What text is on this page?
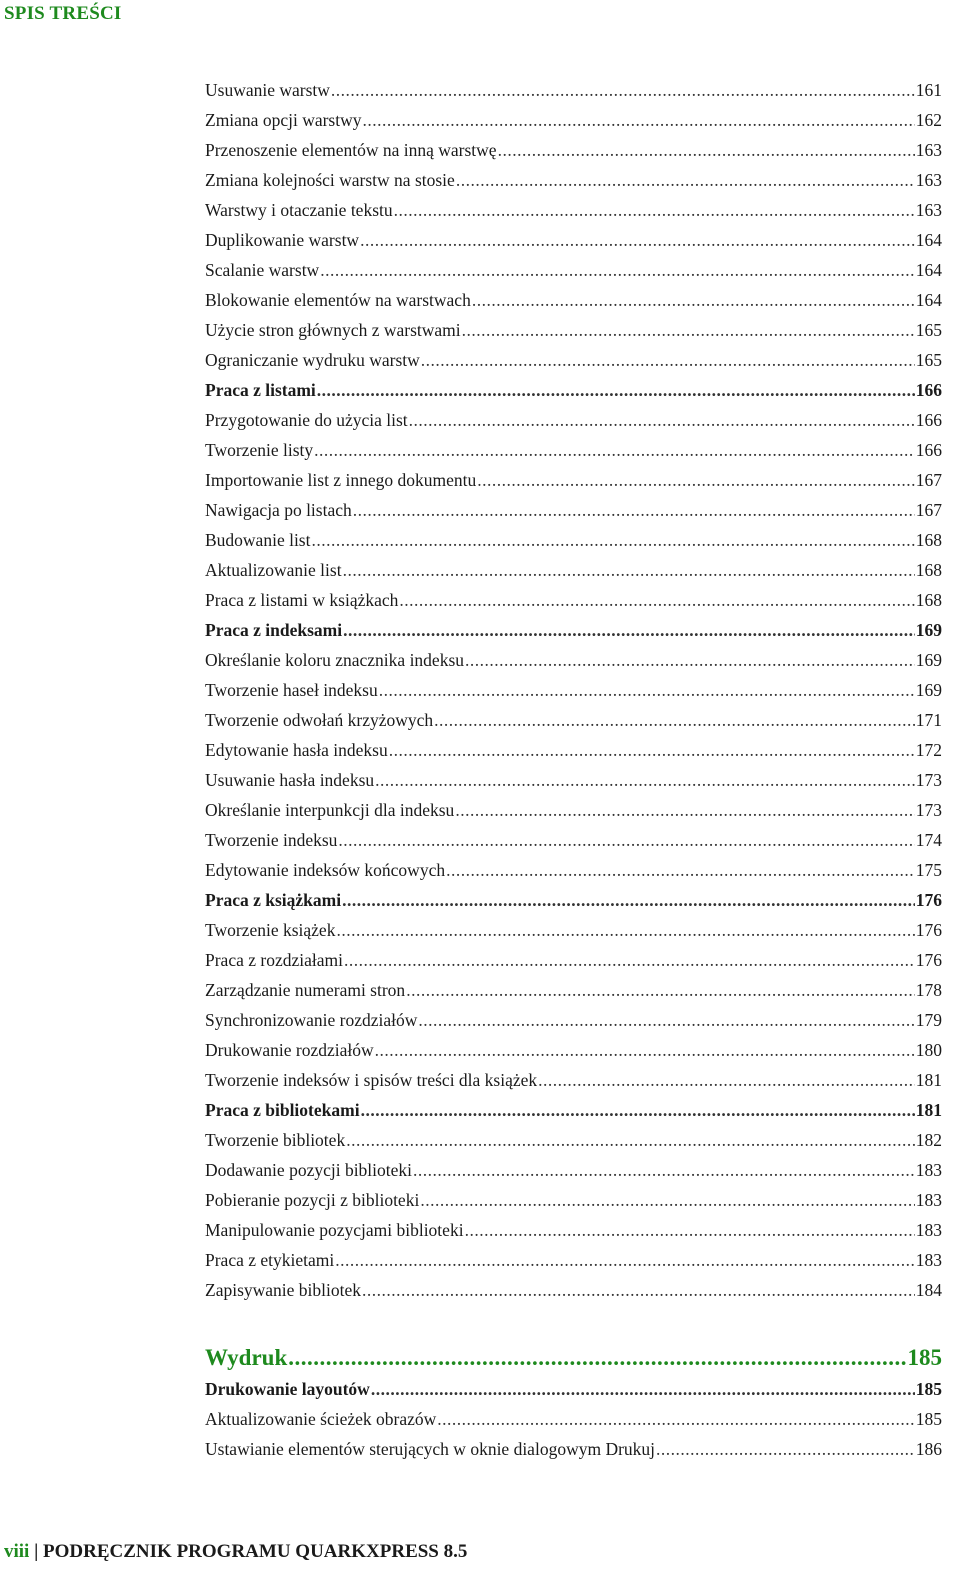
SPIS TREŚCI
Usuwanie warstw .....	161
Zmiana opcji warstwy .....	162
Przenoszenie elementów na inną warstwę .....	163
Zmiana kolejności warstw na stosie .....	163
Warstwy i otaczanie tekstu .....	163
Duplikowanie warstw .....	164
Scalanie warstw .....	164
Blokowanie elementów na warstwach .....	164
Użycie stron głównych z warstwami .....	165
Ograniczanie wydruku warstw .....	165
Praca z listami .....	166
Przygotowanie do użycia list .....	166
Tworzenie listy .....	166
Importowanie list z innego dokumentu .....	167
Nawigacja po listach .....	167
Budowanie list .....	168
Aktualizowanie list .....	168
Praca z listami w książkach .....	168
Praca z indeksami .....	169
Określanie koloru znacznika indeksu .....	169
Tworzenie haseł indeksu .....	169
Tworzenie odwołań krzyżowych .....	171
Edytowanie hasła indeksu .....	172
Usuwanie hasła indeksu .....	173
Określanie interpunkcji dla indeksu .....	173
Tworzenie indeksu .....	174
Edytowanie indeksów końcowych .....	175
Praca z książkami .....	176
Tworzenie książek .....	176
Praca z rozdziałami .....	176
Zarządzanie numerami stron .....	178
Synchronizowanie rozdziałów .....	179
Drukowanie rozdziałów .....	180
Tworzenie indeksów i spisów treści dla książek .....	181
Praca z bibliotekami .....	181
Tworzenie bibliotek .....	182
Dodawanie pozycji biblioteki .....	183
Pobieranie pozycji z biblioteki .....	183
Manipulowanie pozycjami biblioteki .....	183
Praca z etykietami .....	183
Zapisywanie bibliotek .....	184
Wydruk .....	185
Drukowanie layoutów .....	185
Aktualizowanie ścieżek obrazów .....	185
Ustawianie elementów sterujących w oknie dialogowym Drukuj .....	186
viii | PODRĘCZNIK PROGRAMU QUARKXPRESS 8.5
